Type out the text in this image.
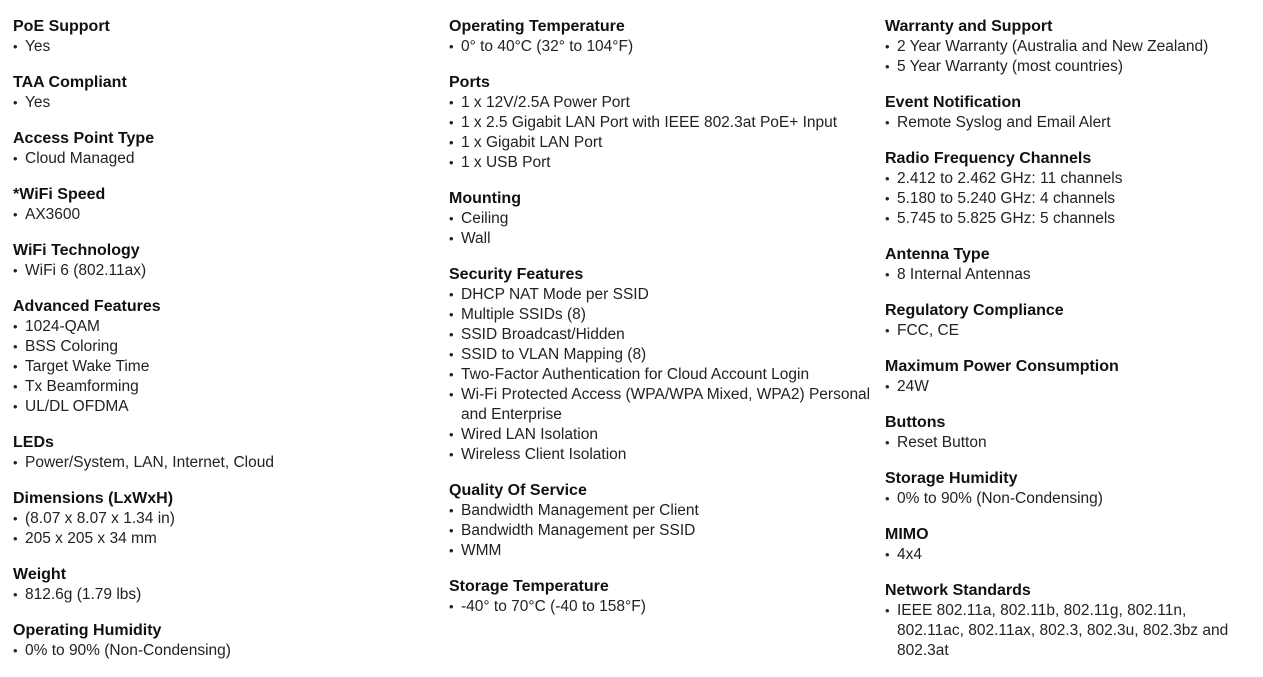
PoE Support
• Yes
TAA Compliant
• Yes
Access Point Type
• Cloud Managed
*WiFi Speed
• AX3600
WiFi Technology
• WiFi 6 (802.11ax)
Advanced Features
• 1024-QAM
• BSS Coloring
• Target Wake Time
• Tx Beamforming
• UL/DL OFDMA
LEDs
• Power/System, LAN, Internet, Cloud
Dimensions (LxWxH)
• (8.07 x 8.07 x 1.34 in)
• 205 x 205 x 34 mm
Weight
• 812.6g (1.79 lbs)
Operating Humidity
• 0% to 90% (Non-Condensing)
Operating Temperature
• 0° to 40°C (32° to 104°F)
Ports
• 1 x 12V/2.5A Power Port
• 1 x 2.5 Gigabit LAN Port with IEEE 802.3at PoE+ Input
• 1 x Gigabit LAN Port
• 1 x USB Port
Mounting
• Ceiling
• Wall
Security Features
• DHCP NAT Mode per SSID
• Multiple SSIDs (8)
• SSID Broadcast/Hidden
• SSID to VLAN Mapping (8)
• Two-Factor Authentication for Cloud Account Login
• Wi-Fi Protected Access (WPA/WPA Mixed, WPA2) Personal and Enterprise
• Wired LAN Isolation
• Wireless Client Isolation
Quality Of Service
• Bandwidth Management per Client
• Bandwidth Management per SSID
• WMM
Storage Temperature
• -40° to 70°C (-40 to 158°F)
Warranty and Support
• 2 Year Warranty (Australia and New Zealand)
• 5 Year Warranty (most countries)
Event Notification
• Remote Syslog and Email Alert
Radio Frequency Channels
• 2.412 to 2.462 GHz: 11 channels
• 5.180 to 5.240 GHz: 4 channels
• 5.745 to 5.825 GHz: 5 channels
Antenna Type
• 8 Internal Antennas
Regulatory Compliance
• FCC, CE
Maximum Power Consumption
• 24W
Buttons
• Reset Button
Storage Humidity
• 0% to 90% (Non-Condensing)
MIMO
• 4x4
Network Standards
• IEEE 802.11a, 802.11b, 802.11g, 802.11n, 802.11ac, 802.11ax, 802.3, 802.3u, 802.3bz and 802.3at
